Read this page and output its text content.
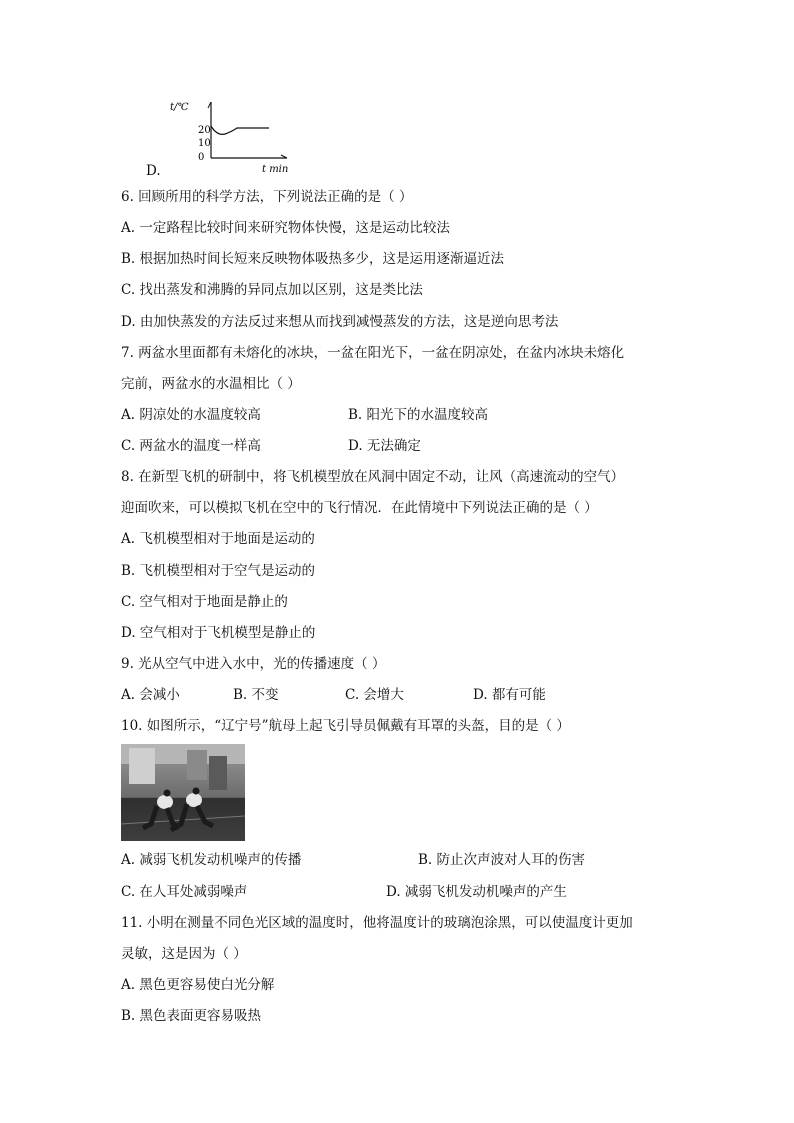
t/℃
20
10
0
t min
D.
6. 回顾所用的科学方法，下列说法正确的是（ ）
A. 一定路程比较时间来研究物体快慢，这是运动比较法
B. 根据加热时间长短来反映物体吸热多少，这是运用逐渐逼近法
C. 找出蒸发和沸腾的异同点加以区别，这是类比法
D. 由加快蒸发的方法反过来想从而找到减慢蒸发的方法，这是逆向思考法
7. 两盆水里面都有未熔化的冰块，一盆在阳光下，一盆在阴凉处，在盆内冰块未熔化
完前，两盆水的水温相比（ ）
A. 阴凉处的水温度较高	B. 阳光下的水温度较高
C. 两盆水的温度一样高	D. 无法确定
8. 在新型飞机的研制中，将飞机模型放在风洞中固定不动，让风（高速流动的空气）
迎面吹来，可以模拟飞机在空中的飞行情况．在此情境中下列说法正确的是（ ）
A. 飞机模型相对于地面是运动的
B. 飞机模型相对于空气是运动的
C. 空气相对于地面是静止的
D. 空气相对于飞机模型是静止的
9. 光从空气中进入水中，光的传播速度（ ）
A. 会减小	B. 不变	C. 会增大	D. 都有可能
10. 如图所示，“辽宁号”航母上起飞引导员佩戴有耳罩的头盔，目的是（ ）
A. 减弱飞机发动机噪声的传播	B. 防止次声波对人耳的伤害
C. 在人耳处减弱噪声	D. 减弱飞机发动机噪声的产生
11. 小明在测量不同色光区域的温度时，他将温度计的玻璃泡涂黑，可以使温度计更加
灵敏，这是因为（ ）
A. 黑色更容易使白光分解
B. 黑色表面更容易吸热
